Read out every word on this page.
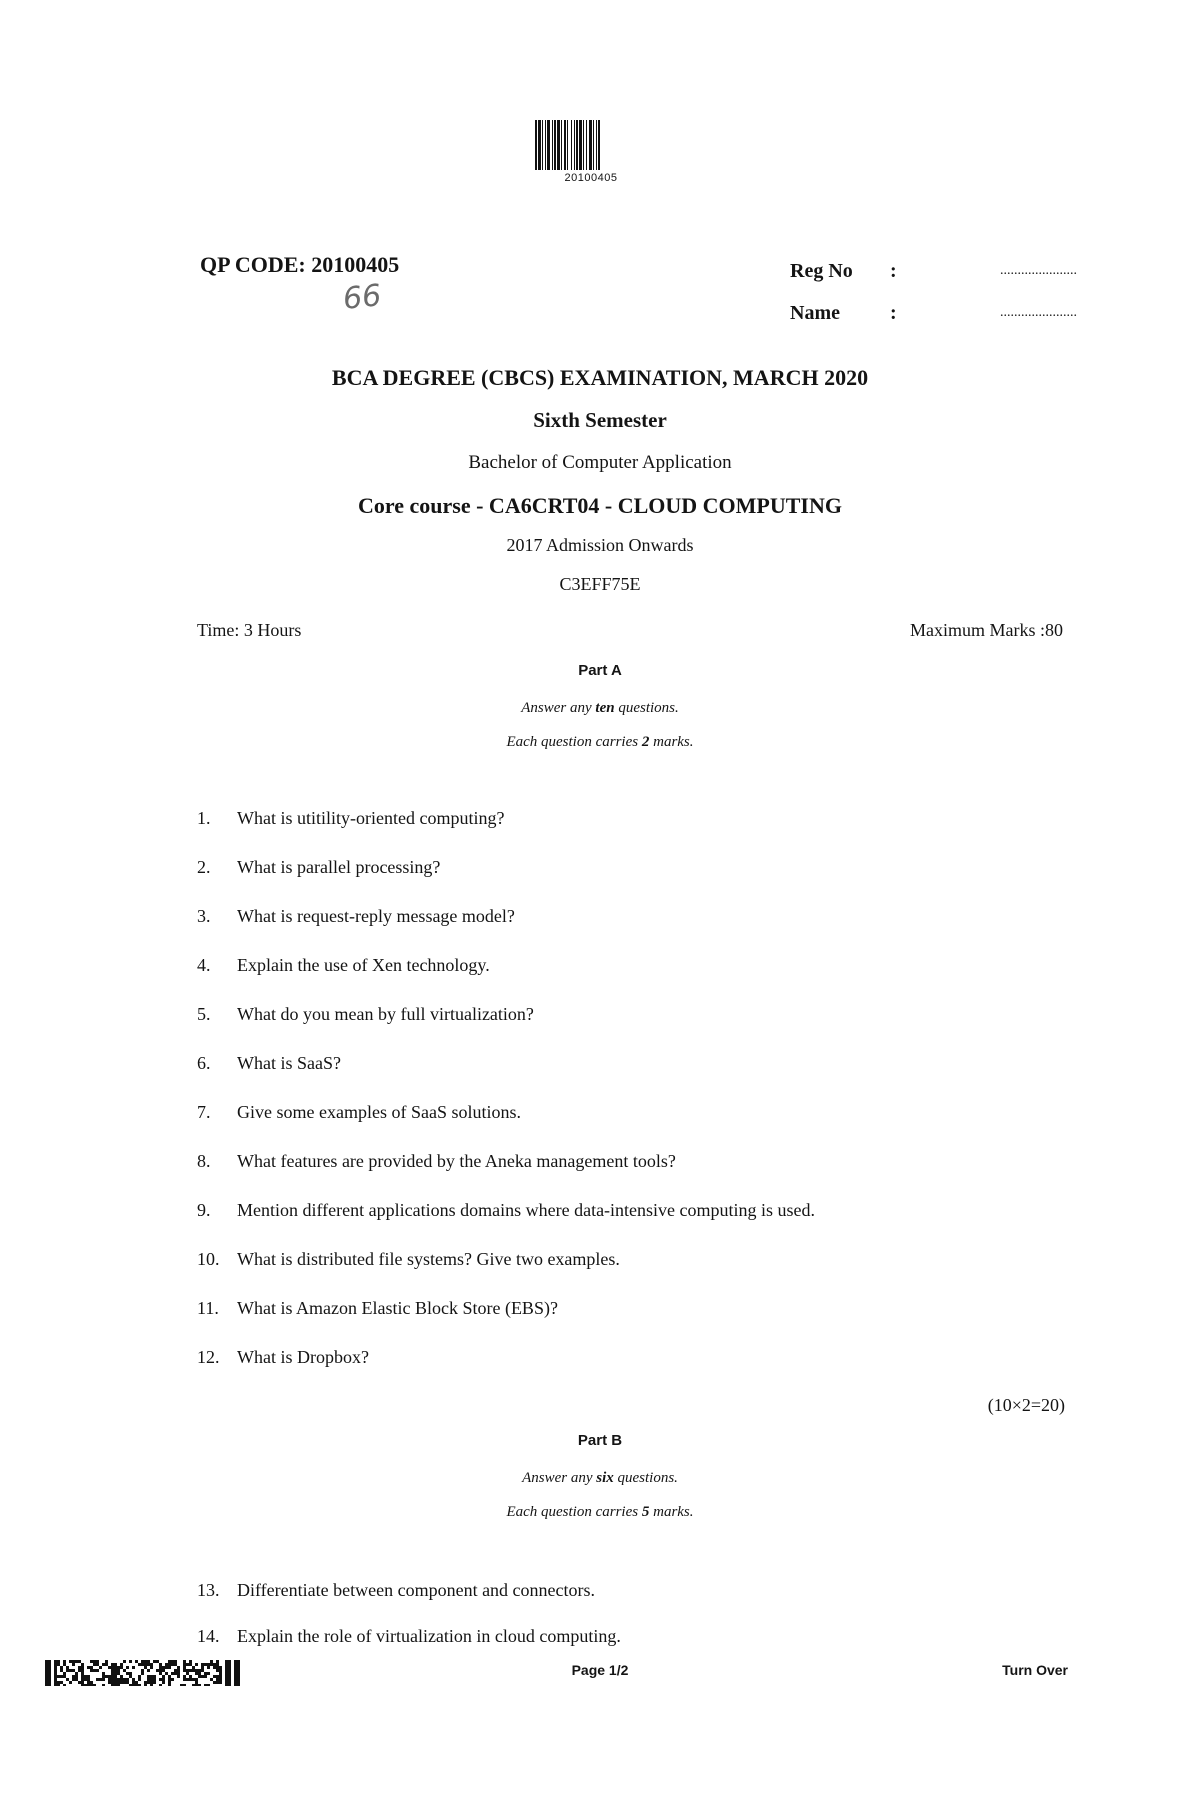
20100405
QP CODE: 20100405
66
Reg No	:	......................
Name	:	......................
BCA DEGREE (CBCS) EXAMINATION, MARCH 2020
Sixth Semester
Bachelor of Computer Application
Core course - CA6CRT04 - CLOUD COMPUTING
2017 Admission Onwards
C3EFF75E
Time: 3 Hours	Maximum Marks :80
Part A
Answer any ten questions.
Each question carries 2 marks.
1.	What is utitility-oriented computing?
2.	What is parallel processing?
3.	What is request-reply message model?
4.	Explain the use of Xen technology.
5.	What do you mean by full virtualization?
6.	What is SaaS?
7.	Give some examples of SaaS solutions.
8.	What features are provided by the Aneka management tools?
9.	Mention different applications domains where data-intensive computing is used.
10. What is distributed file systems? Give two examples.
11.	What is Amazon Elastic Block Store (EBS)?
12. What is Dropbox?
(10×2=20)
Part B
Answer any six questions.
Each question carries 5 marks.
13. Differentiate between component and connectors.
14. Explain the role of virtualization in cloud computing.
Page 1/2	Turn Over
